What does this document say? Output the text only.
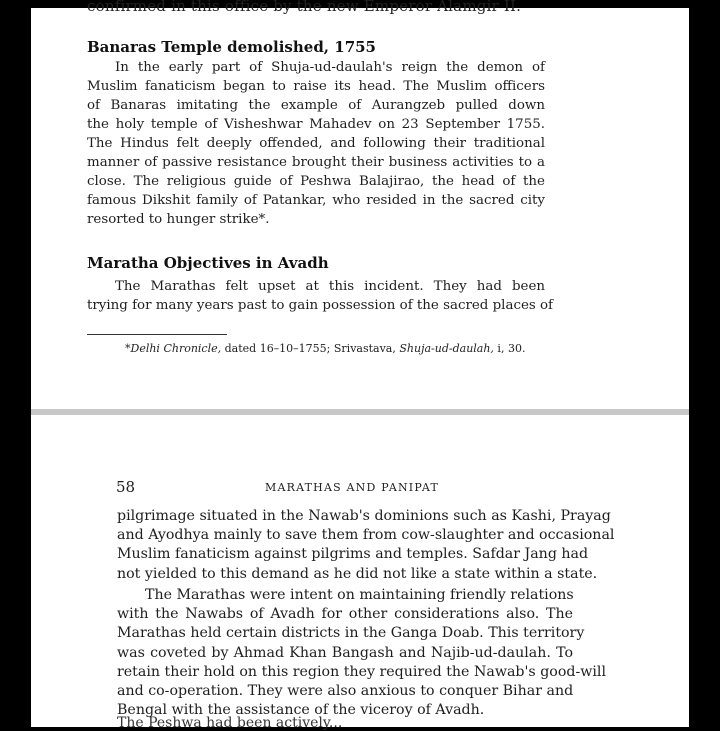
confirmed in this office by the new Emperor Alamgir II.
Banaras Temple demolished, 1755
In the early part of Shuja-ud-daulah's reign the demon of
Muslim fanaticism began to raise its head. The Muslim officers
of Banaras imitating the example of Aurangzeb pulled down
the holy temple of Visheshwar Mahadev on 23 September 1755.
The Hindus felt deeply offended, and following their traditional
manner of passive resistance brought their business activities to a
close. The religious guide of Peshwa Balajirao, the head of the
famous Dikshit family of Patankar, who resided in the sacred city
resorted to hunger strike*.
Maratha Objectives in Avadh
The Marathas felt upset at this incident. They had been
trying for many years past to gain possession of the sacred places of
*Delhi Chronicle, dated 16–10–1755; Srivastava, Shuja-ud-daulah, i, 30.
58	MARATHAS AND PANIPAT
pilgrimage situated in the Nawab's dominions such as Kashi, Prayag
and Ayodhya mainly to save them from cow-slaughter and occasional
Muslim fanaticism against pilgrims and temples. Safdar Jang had
not yielded to this demand as he did not like a state within a state.
The Marathas were intent on maintaining friendly relations
with the Nawabs of Avadh for other considerations also. The
Marathas held certain districts in the Ganga Doab. This territory
was coveted by Ahmad Khan Bangash and Najib-ud-daulah. To
retain their hold on this region they required the Nawab's good-will
and co-operation. They were also anxious to conquer Bihar and
Bengal with the assistance of the viceroy of Avadh.
The Peshwa had been actively...
